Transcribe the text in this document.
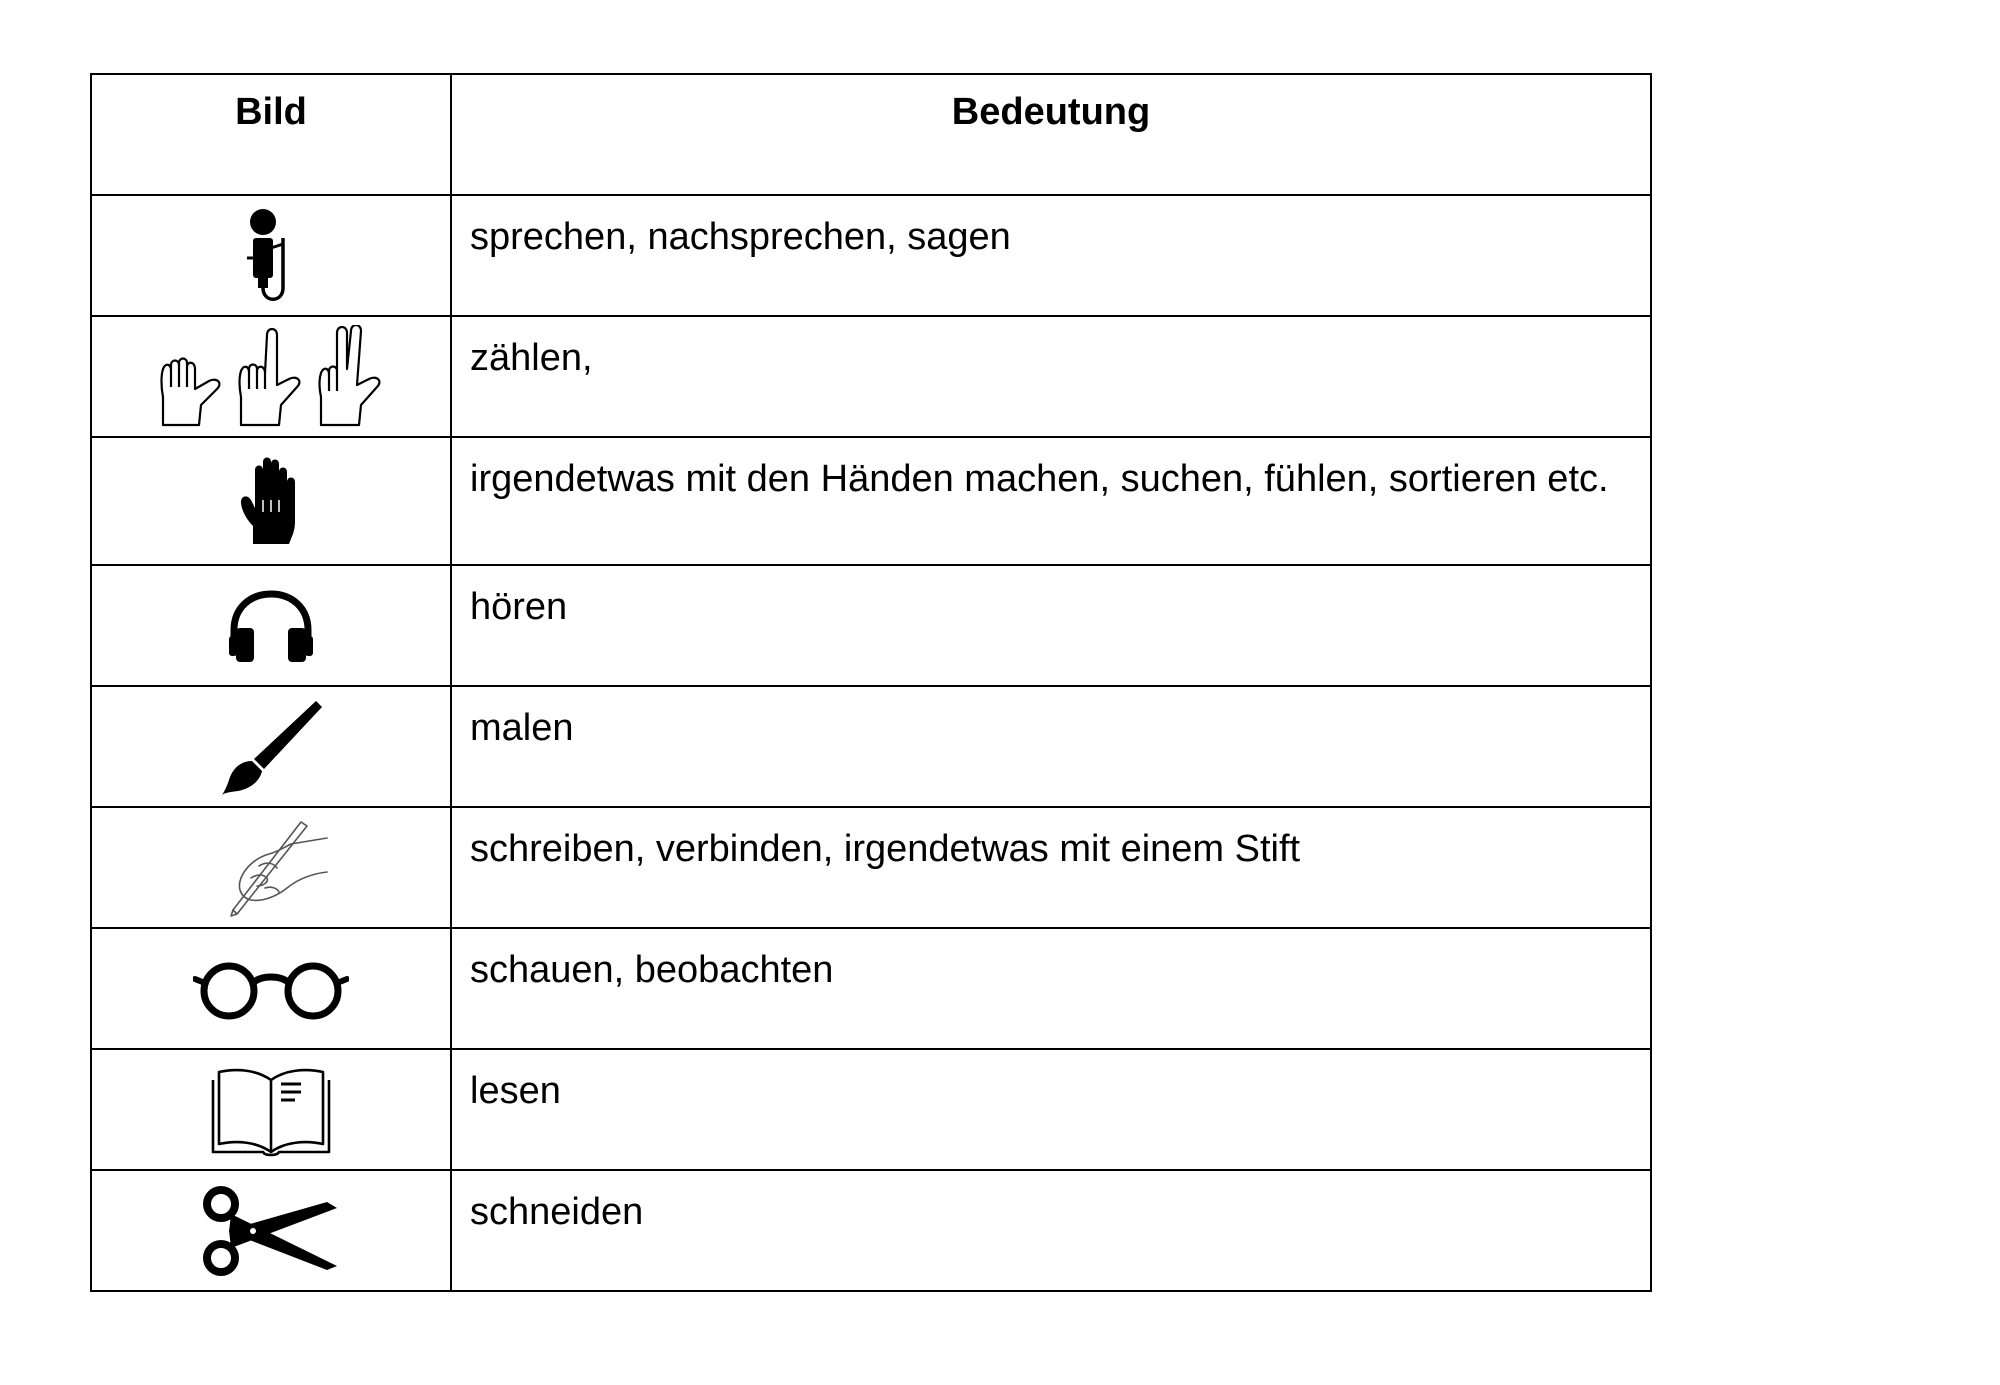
Bild	Bedeutung

	sprechen, nachsprechen, sagen

	zählen,

	irgendetwas mit den Händen machen, suchen, fühlen, sortieren etc.

	hören

	malen

	schreiben, verbinden, irgendetwas mit einem Stift

	schauen, beobachten

	lesen

	schneiden
